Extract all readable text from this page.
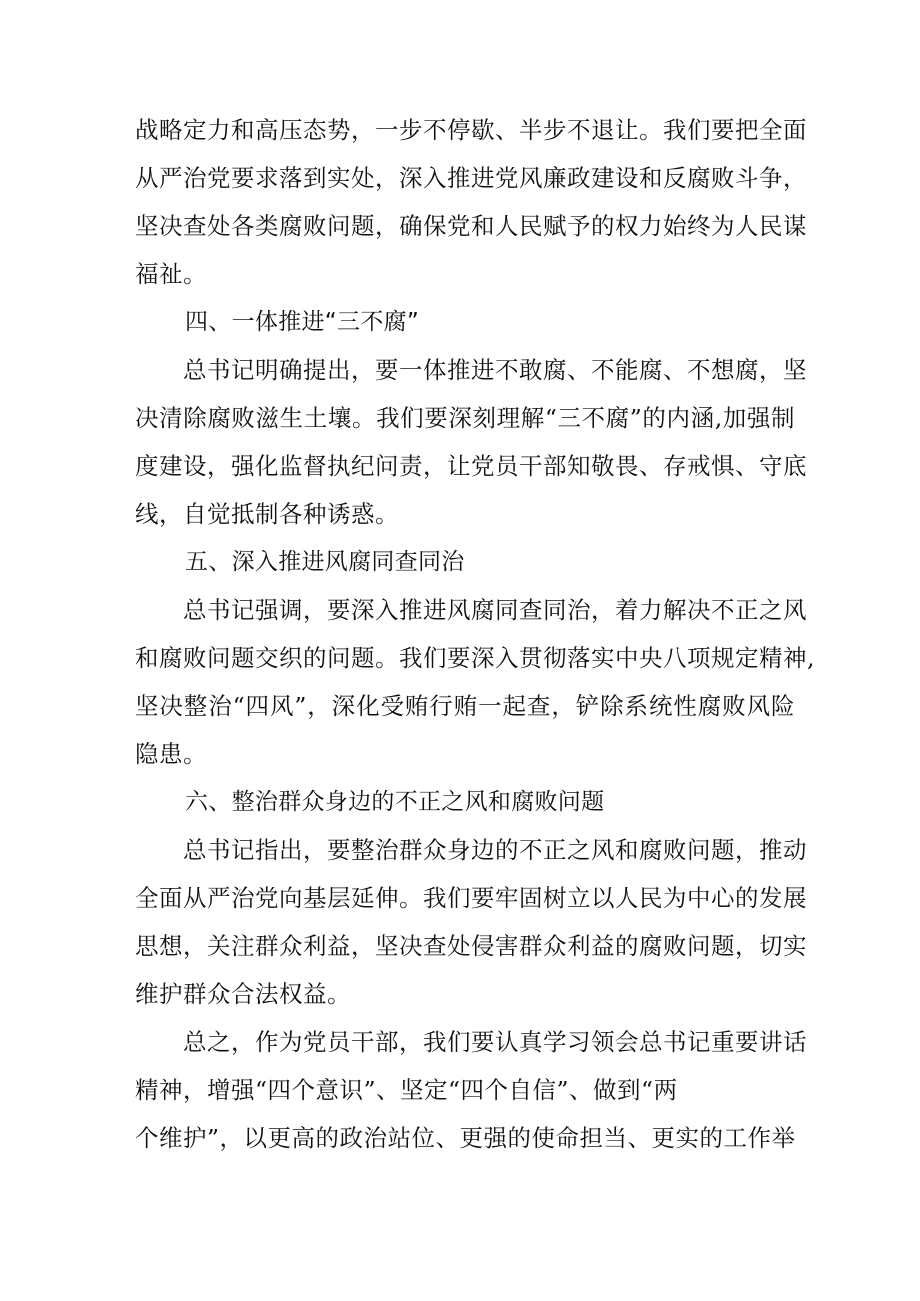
战略定力和高压态势，一步不停歇、半步不退让。我们要把全面
从严治党要求落到实处，深入推进党风廉政建设和反腐败斗争，
坚决查处各类腐败问题，确保党和人民赋予的权力始终为人民谋
福祉。
四、一体推进“三不腐”
总书记明确提出，要一体推进不敢腐、不能腐、不想腐，坚
决清除腐败滋生土壤。我们要深刻理解“三不腐”的内涵,加强制
度建设，强化监督执纪问责，让党员干部知敬畏、存戒惧、守底
线，自觉抵制各种诱惑。
五、深入推进风腐同查同治
总书记强调，要深入推进风腐同查同治，着力解决不正之风
和腐败问题交织的问题。我们要深入贯彻落实中央八项规定精神,
坚决整治“四风”，深化受贿行贿一起查，铲除系统性腐败风险
隐患。
六、整治群众身边的不正之风和腐败问题
总书记指出，要整治群众身边的不正之风和腐败问题，推动
全面从严治党向基层延伸。我们要牢固树立以人民为中心的发展
思想，关注群众利益，坚决查处侵害群众利益的腐败问题，切实
维护群众合法权益。
总之，作为党员干部，我们要认真学习领会总书记重要讲话
精神，增强“四个意识”、坚定“四个自信”、做到“两
个维护”，以更高的政治站位、更强的使命担当、更实的工作举
